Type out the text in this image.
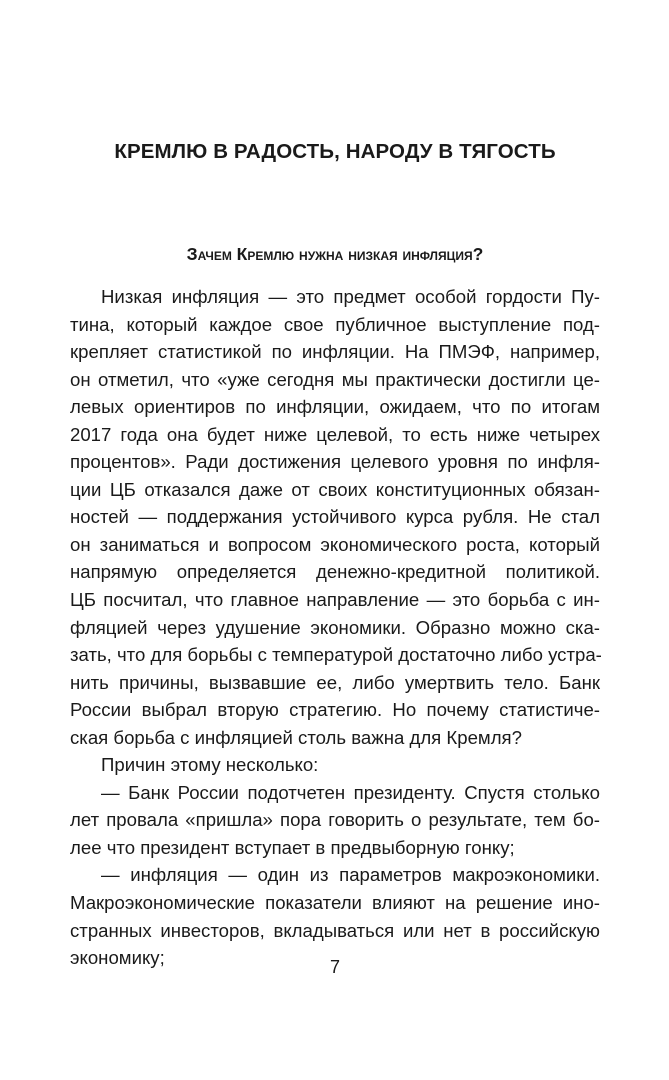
КРЕМЛЮ В РАДОСТЬ, НАРОДУ В ТЯГОСТЬ
Зачем Кремлю нужна низкая инфляция?
Низкая инфляция — это предмет особой гордости Пу-
тина, который каждое свое публичное выступление под-
крепляет статистикой по инфляции. На ПМЭФ, например,
он отметил, что «уже сегодня мы практически достигли це-
левых ориентиров по инфляции, ожидаем, что по итогам
2017 года она будет ниже целевой, то есть ниже четырех
процентов». Ради достижения целевого уровня по инфля-
ции ЦБ отказался даже от своих конституционных обязан-
ностей — поддержания устойчивого курса рубля. Не стал
он заниматься и вопросом экономического роста, который
напрямую определяется денежно-кредитной политикой.
ЦБ посчитал, что главное направление — это борьба с ин-
фляцией через удушение экономики. Образно можно ска-
зать, что для борьбы с температурой достаточно либо устра-
нить причины, вызвавшие ее, либо умертвить тело. Банк
России выбрал вторую стратегию. Но почему статистиче-
ская борьба с инфляцией столь важна для Кремля?
Причин этому несколько:
— Банк России подотчетен президенту. Спустя столько
лет провала «пришла» пора говорить о результате, тем бо-
лее что президент вступает в предвыборную гонку;
— инфляция — один из параметров макроэкономики.
Макроэкономические показатели влияют на решение ино-
странных инвесторов, вкладываться или нет в российскую
экономику;	7
